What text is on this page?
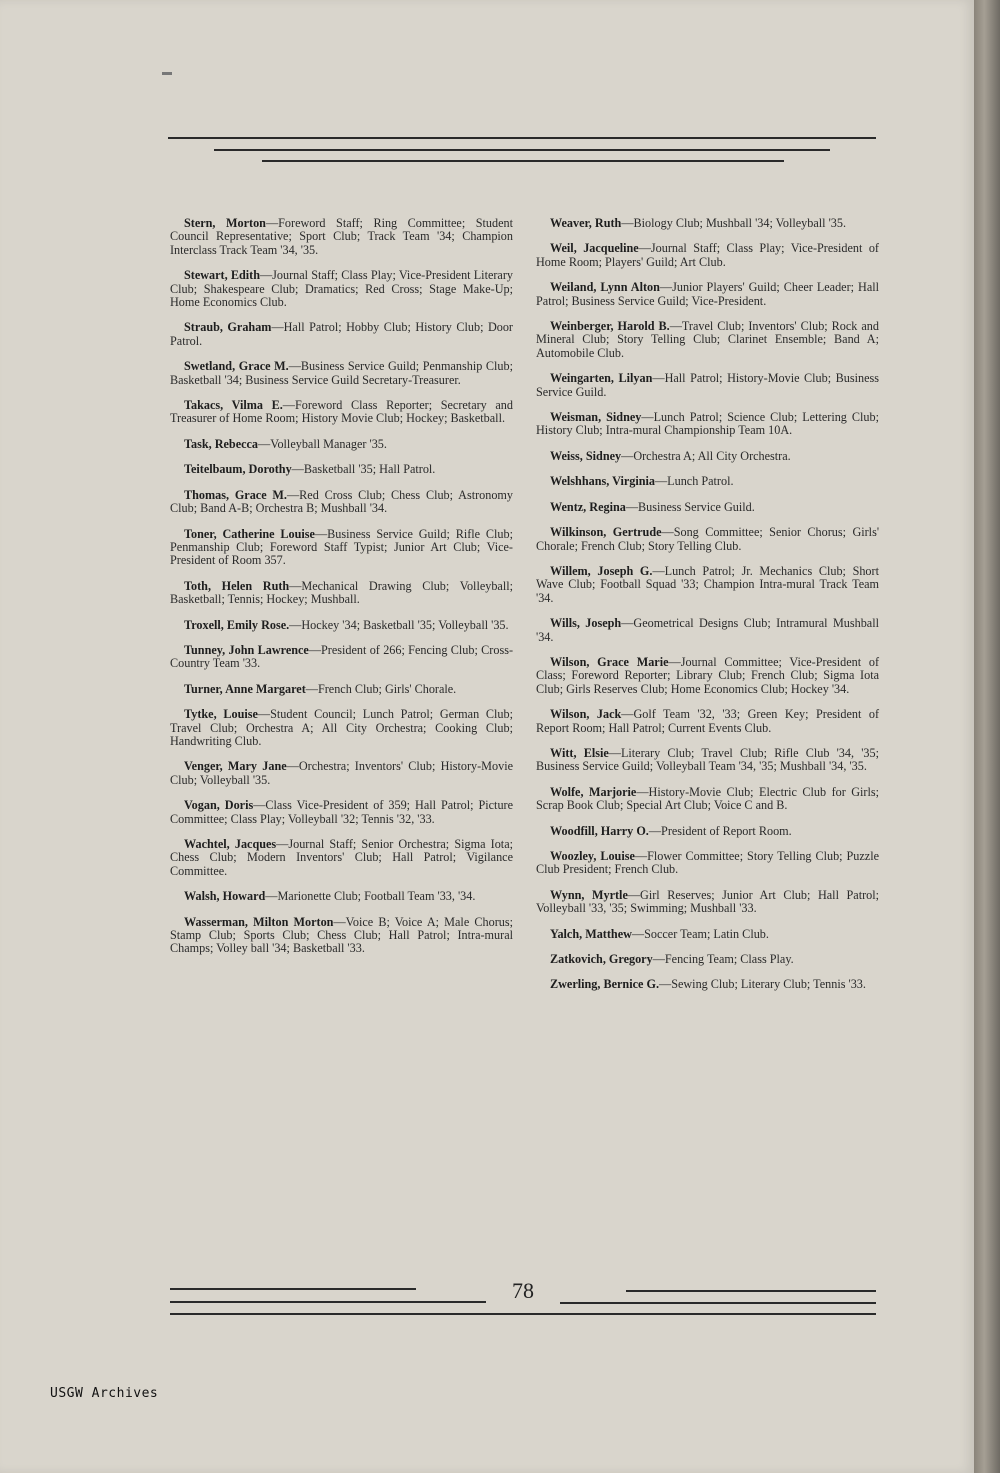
Stern, Morton—Foreword Staff; Ring Committee; Student Council Representative; Sport Club; Track Team '34; Champion Interclass Track Team '34, '35.

Stewart, Edith—Journal Staff; Class Play; Vice-President Literary Club; Shakespeare Club; Dramatics; Red Cross; Stage Make-Up; Home Economics Club.

Straub, Graham—Hall Patrol; Hobby Club; History Club; Door Patrol.

Swetland, Grace M.—Business Service Guild; Penmanship Club; Basketball '34; Business Service Guild Secretary-Treasurer.

Takacs, Vilma E.—Foreword Class Reporter; Secretary and Treasurer of Home Room; History Movie Club; Hockey; Basketball.

Task, Rebecca—Volleyball Manager '35.

Teitelbaum, Dorothy—Basketball '35; Hall Patrol.

Thomas, Grace M.—Red Cross Club; Chess Club; Astronomy Club; Band A-B; Orchestra B; Mushball '34.

Toner, Catherine Louise—Business Service Guild; Rifle Club; Penmanship Club; Foreword Staff Typist; Junior Art Club; Vice-President of Room 357.

Toth, Helen Ruth—Mechanical Drawing Club; Volleyball; Basketball; Tennis; Hockey; Mushball.

Troxell, Emily Rose.—Hockey '34; Basketball '35; Volleyball '35.

Tunney, John Lawrence—President of 266; Fencing Club; Cross-Country Team '33.

Turner, Anne Margaret—French Club; Girls' Chorale.

Tytke, Louise—Student Council; Lunch Patrol; German Club; Travel Club; Orchestra A; All City Orchestra; Cooking Club; Handwriting Club.

Venger, Mary Jane—Orchestra; Inventors' Club; History-Movie Club; Volleyball '35.

Vogan, Doris—Class Vice-President of 359; Hall Patrol; Picture Committee; Class Play; Volleyball '32; Tennis '32, '33.

Wachtel, Jacques—Journal Staff; Senior Orchestra; Sigma Iota; Chess Club; Modern Inventors' Club; Hall Patrol; Vigilance Committee.

Walsh, Howard—Marionette Club; Football Team '33, '34.

Wasserman, Milton Morton—Voice B; Voice A; Male Chorus; Stamp Club; Sports Club; Chess Club; Hall Patrol; Intra-mural Champs; Volley ball '34; Basketball '33.

Weaver, Ruth—Biology Club; Mushball '34; Volleyball '35.

Weil, Jacqueline—Journal Staff; Class Play; Vice-President of Home Room; Players' Guild; Art Club.

Weiland, Lynn Alton—Junior Players' Guild; Cheer Leader; Hall Patrol; Business Service Guild; Vice-President.

Weinberger, Harold B.—Travel Club; Inventors' Club; Rock and Mineral Club; Story Telling Club; Clarinet Ensemble; Band A; Automobile Club.

Weingarten, Lilyan—Hall Patrol; History-Movie Club; Business Service Guild.

Weisman, Sidney—Lunch Patrol; Science Club; Lettering Club; History Club; Intra-mural Championship Team 10A.

Weiss, Sidney—Orchestra A; All City Orchestra.

Welshhans, Virginia—Lunch Patrol.

Wentz, Regina—Business Service Guild.

Wilkinson, Gertrude—Song Committee; Senior Chorus; Girls' Chorale; French Club; Story Telling Club.

Willem, Joseph G.—Lunch Patrol; Jr. Mechanics Club; Short Wave Club; Football Squad '33; Champion Intra-mural Track Team '34.

Wills, Joseph—Geometrical Designs Club; Intramural Mushball '34.

Wilson, Grace Marie—Journal Committee; Vice-President of Class; Foreword Reporter; Library Club; French Club; Sigma Iota Club; Girls Reserves Club; Home Economics Club; Hockey '34.

Wilson, Jack—Golf Team '32, '33; Green Key; President of Report Room; Hall Patrol; Current Events Club.

Witt, Elsie—Literary Club; Travel Club; Rifle Club '34, '35; Business Service Guild; Volleyball Team '34, '35; Mushball '34, '35.

Wolfe, Marjorie—History-Movie Club; Electric Club for Girls; Scrap Book Club; Special Art Club; Voice C and B.

Woodfill, Harry O.—President of Report Room.

Woozley, Louise—Flower Committee; Story Telling Club; Puzzle Club President; French Club.

Wynn, Myrtle—Girl Reserves; Junior Art Club; Hall Patrol; Volleyball '33, '35; Swimming; Mushball '33.

Yalch, Matthew—Soccer Team; Latin Club.

Zatkovich, Gregory—Fencing Team; Class Play.

Zwerling, Bernice G.—Sewing Club; Literary Club; Tennis '33.

78
USGW Archives
